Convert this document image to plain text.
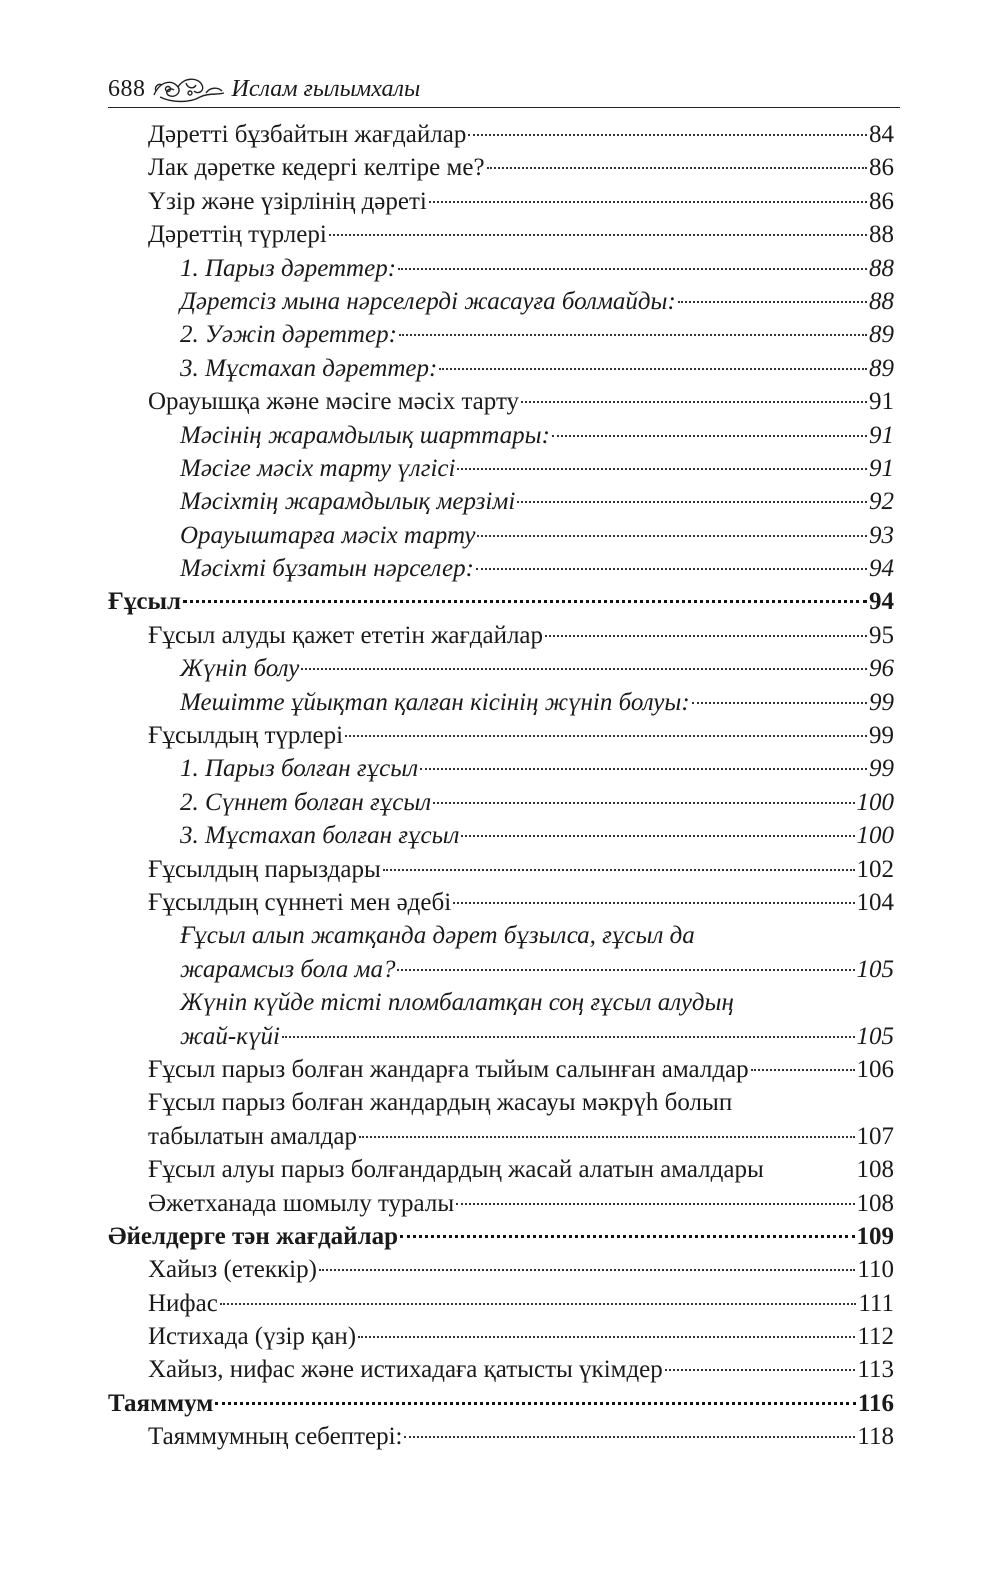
688	Ислам ғылымхалы
Дәретті бұзбайтын жағдайлар	84
Лак дәретке кедергі келтіре ме?	86
Үзір және үзірлінің дәреті	86
Дәреттің түрлері	88
1. Парыз дәреттер:	88
Дәретсіз мына нәрселерді жасауға болмайды:	88
2. Уәжіп дәреттер:	89
3. Мұстахап дәреттер:	89
Орауышқа және мәсіге мәсіх тарту	91
Мәсінің жарамдылық шарттары:	91
Мәсіге мәсіх тарту үлгісі	91
Мәсіхтің жарамдылық мерзімі	92
Орауыштарға мәсіх тарту	93
Мәсіхті бұзатын нәрселер:	94
Ғұсыл	94
Ғұсыл алуды қажет ететін жағдайлар	95
Жүніп болу	96
Мешітте ұйықтап қалған кісінің жүніп болуы:	99
Ғұсылдың түрлері	99
1. Парыз болған ғұсыл	99
2. Сүннет болған ғұсыл	100
3. Мұстахап болған ғұсыл	100
Ғұсылдың парыздары	102
Ғұсылдың сүннеті мен әдебі	104
Ғұсыл алып жатқанда дәрет бұзылса, ғұсыл да
жарамсыз бола ма?	105
Жүніп күйде тісті пломбалатқан соң ғұсыл алудың
жай-күйі	105
Ғұсыл парыз болған жандарға тыйым салынған амалдар	106
Ғұсыл парыз болған жандардың жасауы мәкрүһ болып
табылатын амалдар	107
Ғұсыл алуы парыз болғандардың жасай алатын амалдары	108
Әжетханада шомылу туралы	108
Әйелдерге тән жағдайлар	109
Хайыз (етеккір)	110
Нифас	111
Истихада (үзір қан)	112
Хайыз, нифас және истихадаға қатысты үкімдер	113
Таяммум	116
Таяммумның себептері:	118
